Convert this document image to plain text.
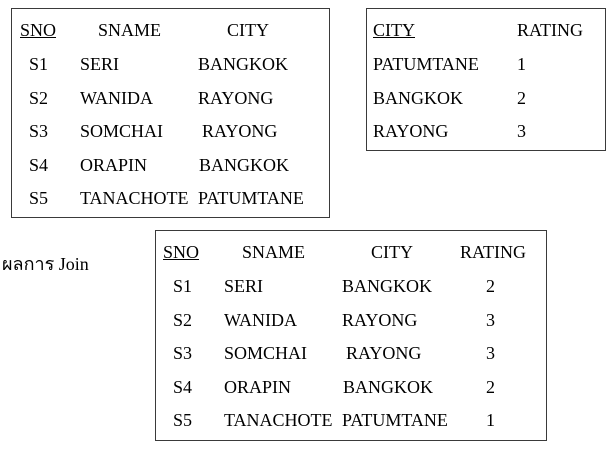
SNO SNAME	CITY
S1 SERI	BANGKOK
S2 WANIDA	RAYONG
S3 SOMCHAI RAYONG
S4 ORAPIN	BANGKOK
S5 TANACHOTE PATUMTANE
CITY	RATING
PATUMTANE 1
BANGKOK	2
RAYONG	3
ผลการ Join
SNO SNAME	CITY	RATING
S1 SERI	BANGKOK	2
S2 WANIDA	RAYONG	3
S3 SOMCHAI RAYONG	3
S4 ORAPIN	BANGKOK	2
S5 TANACHOTE PATUMTANE 1
